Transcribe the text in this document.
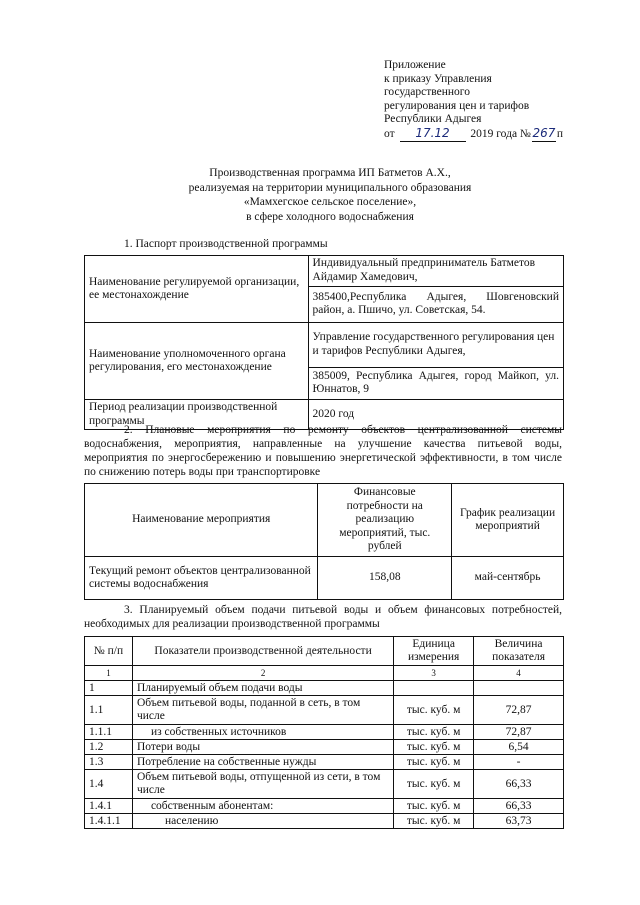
Приложение
к приказу Управления
государственного
регулирования цен и тарифов
Республики Адыгея
от 17.12 2019 года № 267 п
Производственная программа ИП Батметов А.Х.,
реализуемая на территории муниципального образования
«Мамхегское сельское поселение»,
в сфере холодного водоснабжения
1. Паспорт производственной программы
Наименование регулируемой организации, ее местонахождение	Индивидуальный предприниматель Батметов Айдамир Хамедович,
	385400,Республика Адыгея, Шовгеновский район, а. Пшичо, ул. Советская, 54.
Наименование уполномоченного органа регулирования, его местонахождение	Управление государственного регулирования цен и тарифов Республики Адыгея,
	385009, Республика Адыгея, город Майкоп, ул. Юннатов, 9
Период реализации производственной программы	2020 год
2. Плановые мероприятия по ремонту объектов централизованной системы водоснабжения, мероприятия, направленные на улучшение качества питьевой воды, мероприятия по энергосбережению и повышению энергетической эффективности, в том числе по снижению потерь воды при транспортировке
Наименование мероприятия	Финансовые потребности на реализацию мероприятий, тыс. рублей	График реализации мероприятий
Текущий ремонт объектов централизованной системы водоснабжения	158,08	май-сентябрь
3. Планируемый объем подачи питьевой воды и объем финансовых потребностей, необходимых для реализации производственной программы
№ п/п	Показатели производственной деятельности	Единица измерения	Величина показателя
1	2	3	4
1	Планируемый объем подачи воды		
1.1	Объем питьевой воды, поданной в сеть, в том числе	тыс. куб. м	72,87
1.1.1	из собственных источников	тыс. куб. м	72,87
1.2	Потери воды	тыс. куб. м	6,54
1.3	Потребление на собственные нужды	тыс. куб. м	-
1.4	Объем питьевой воды, отпущенной из сети, в том числе	тыс. куб. м	66,33
1.4.1	собственным абонентам:	тыс. куб. м	66,33
1.4.1.1	населению	тыс. куб. м	63,73
